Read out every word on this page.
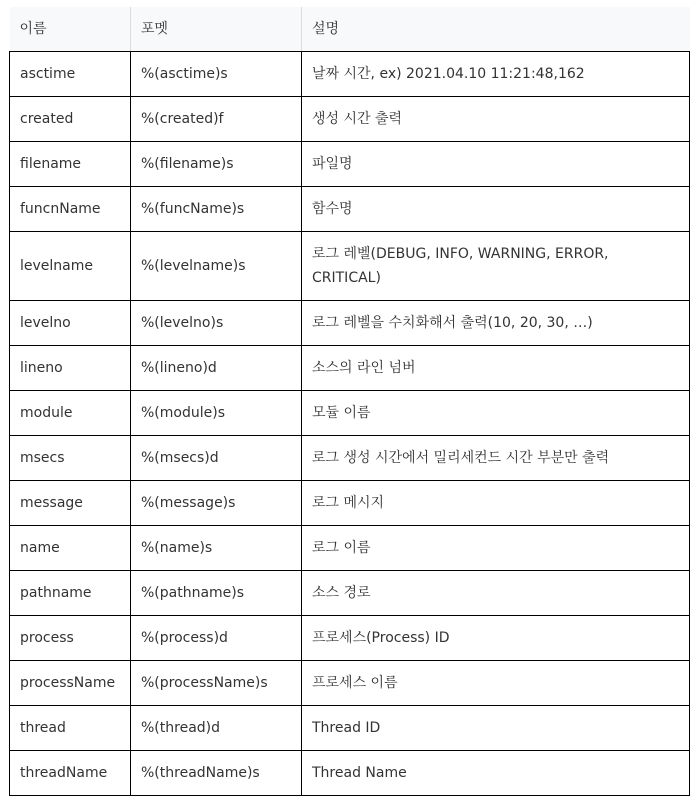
이름	포멧	설명
asctime	%(asctime)s	날짜 시간, ex) 2021.04.10 11:21:48,162
created	%(created)f	생성 시간 출력
filename	%(filename)s	파일명
funcnName	%(funcName)s	함수명
levelname	%(levelname)s	로그 레벨(DEBUG, INFO, WARNING, ERROR, CRITICAL)
levelno	%(levelno)s	로그 레벨을 수치화해서 출력(10, 20, 30, …)
lineno	%(lineno)d	소스의 라인 넘버
module	%(module)s	모듈 이름
msecs	%(msecs)d	로그 생성 시간에서 밀리세컨드 시간 부분만 출력
message	%(message)s	로그 메시지
name	%(name)s	로그 이름
pathname	%(pathname)s	소스 경로
process	%(process)d	프로세스(Process) ID
processName	%(processName)s	프로세스 이름
thread	%(thread)d	Thread ID
threadName	%(threadName)s	Thread Name
